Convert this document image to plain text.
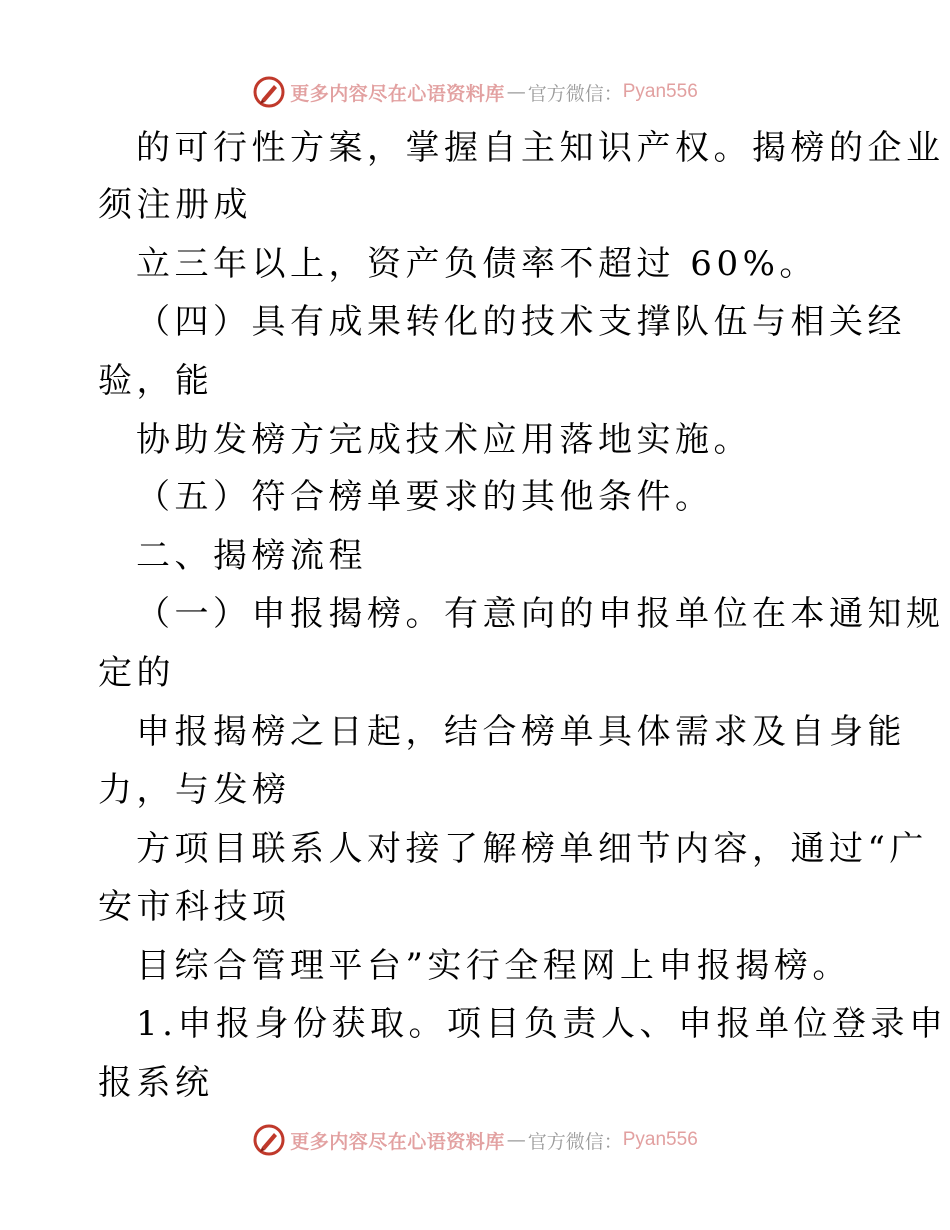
更多内容尽在心语资料库 — 官方微信： Pyan556
的可行性方案，掌握自主知识产权。揭榜的企业
须注册成
立三年以上，资产负债率不超过 60%。
（四）具有成果转化的技术支撑队伍与相关经
验，能
协助发榜方完成技术应用落地实施。
（五）符合榜单要求的其他条件。
二、揭榜流程
（一）申报揭榜。有意向的申报单位在本通知规
定的
申报揭榜之日起，结合榜单具体需求及自身能
力，与发榜
方项目联系人对接了解榜单细节内容，通过“广
安市科技项
目综合管理平台”实行全程网上申报揭榜。
1.申报身份获取。项目负责人、申报单位登录申
报系统
更多内容尽在心语资料库 — 官方微信： Pyan556
